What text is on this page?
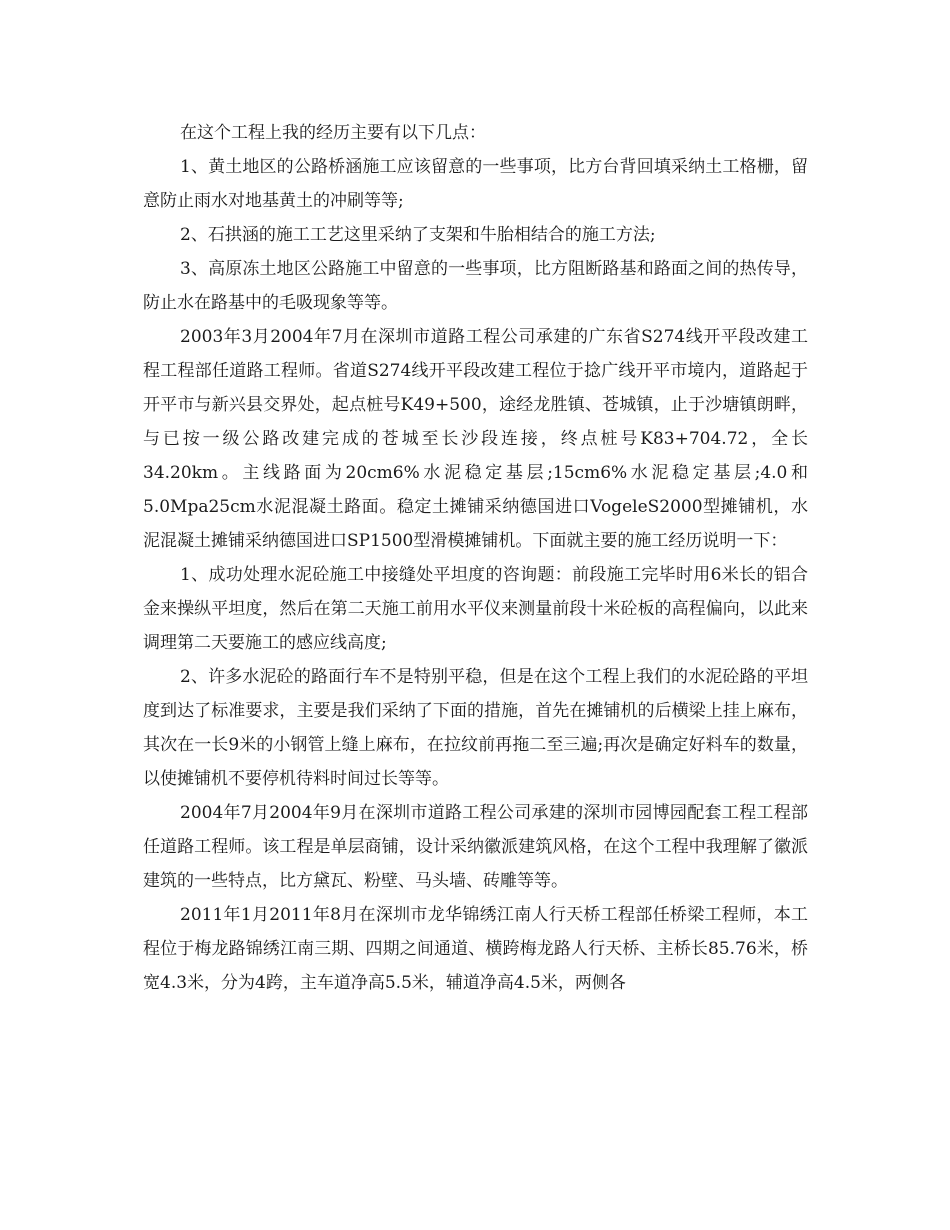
在这个工程上我的经历主要有以下几点：

1、黄土地区的公路桥涵施工应该留意的一些事项，比方台背回填采纳土工格栅，留意防止雨水对地基黄土的冲刷等等;

2、石拱涵的施工工艺这里采纳了支架和牛胎相结合的施工方法;

3、高原冻土地区公路施工中留意的一些事项，比方阻断路基和路面之间的热传导，防止水在路基中的毛吸现象等等。

2003年3月2004年7月在深圳市道路工程公司承建的广东省S274线开平段改建工程工程部任道路工程师。省道S274线开平段改建工程位于捻广线开平市境内，道路起于开平市与新兴县交界处，起点桩号K49+500，途经龙胜镇、苍城镇，止于沙塘镇朗畔，与已按一级公路改建完成的苍城至长沙段连接，终点桩号K83+704.72，全长34.20km。主线路面为20cm6%水泥稳定基层;15cm6%水泥稳定基层;4.0和5.0Mpa25cm水泥混凝土路面。稳定土摊铺采纳德国进口VogeleS2000型摊铺机，水泥混凝土摊铺采纳德国进口SP1500型滑模摊铺机。下面就主要的施工经历说明一下：

1、成功处理水泥砼施工中接缝处平坦度的咨询题：前段施工完毕时用6米长的铝合金来操纵平坦度，然后在第二天施工前用水平仪来测量前段十米砼板的高程偏向，以此来调理第二天要施工的感应线高度;

2、许多水泥砼的路面行车不是特别平稳，但是在这个工程上我们的水泥砼路的平坦度到达了标准要求，主要是我们采纳了下面的措施，首先在摊铺机的后横梁上挂上麻布，其次在一长9米的小钢管上缝上麻布，在拉纹前再拖二至三遍;再次是确定好料车的数量，以使摊铺机不要停机待料时间过长等等。

2004年7月2004年9月在深圳市道路工程公司承建的深圳市园博园配套工程工程部任道路工程师。该工程是单层商铺，设计采纳徽派建筑风格，在这个工程中我理解了徽派建筑的一些特点，比方黛瓦、粉壁、马头墙、砖雕等等。

2011年1月2011年8月在深圳市龙华锦绣江南人行天桥工程部任桥梁工程师，本工程位于梅龙路锦绣江南三期、四期之间通道、横跨梅龙路人行天桥、主桥长85.76米，桥宽4.3米，分为4跨，主车道净高5.5米，辅道净高4.5米，两侧各
